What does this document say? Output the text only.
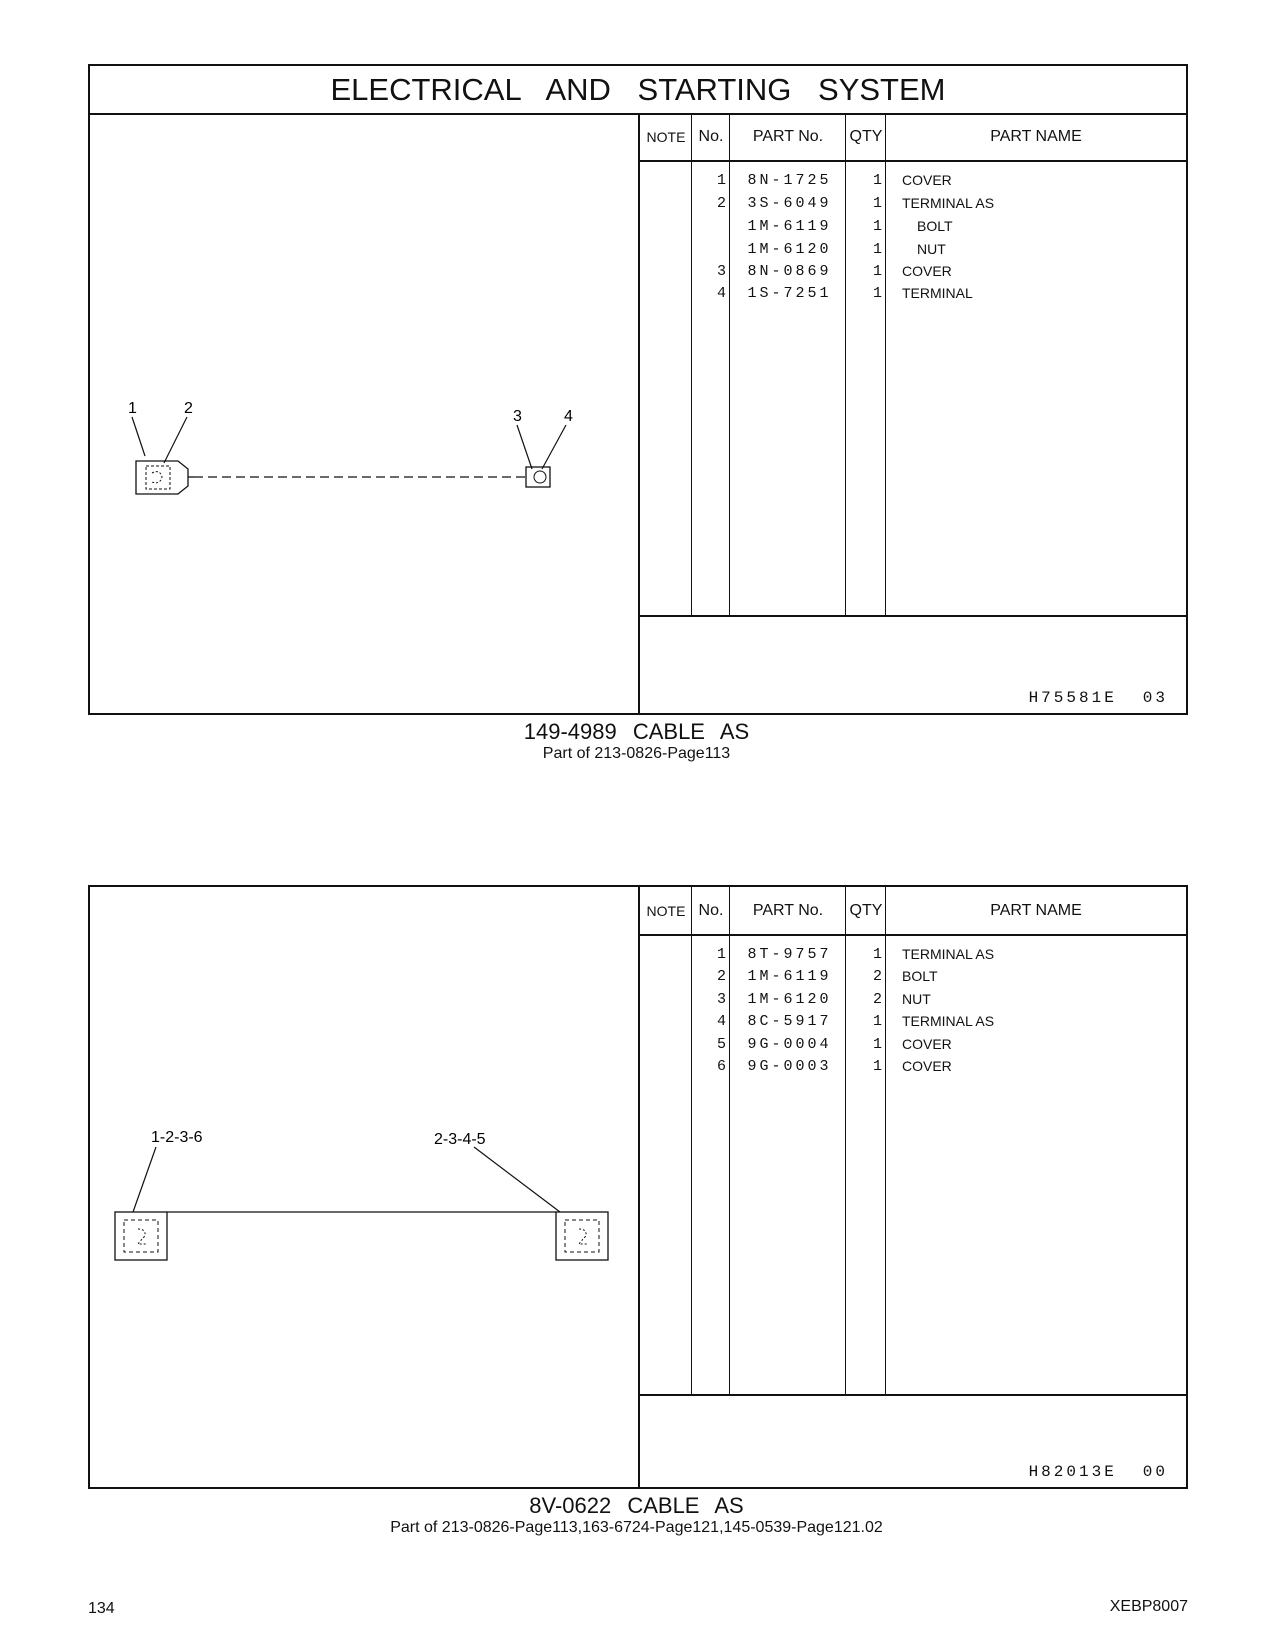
ELECTRICAL AND STARTING SYSTEM
1	2	3	4
NOTE No.	PART No.	QTY	PART NAME
1	8N-1725	1 COVER
2	3S-6049	1 TERMINAL AS
1M-6119	1	BOLT
1M-6120	1	NUT
3	8N-0869	1 COVER
4	1S-7251	1 TERMINAL
H75581E 03
149-4989 CABLE AS
Part of 213-0826-Page113
1-2-3-6	2-3-4-5
NOTE No.	PART No.	QTY	PART NAME
1	8T-9757	1 TERMINAL AS
2	1M-6119	2 BOLT
3	1M-6120	2 NUT
4	8C-5917	1 TERMINAL AS
5	9G-0004	1 COVER
6	9G-0003	1 COVER
H82013E 00
8V-0622 CABLE AS
Part of 213-0826-Page113,163-6724-Page121,145-0539-Page121.02
134	XEBP8007
